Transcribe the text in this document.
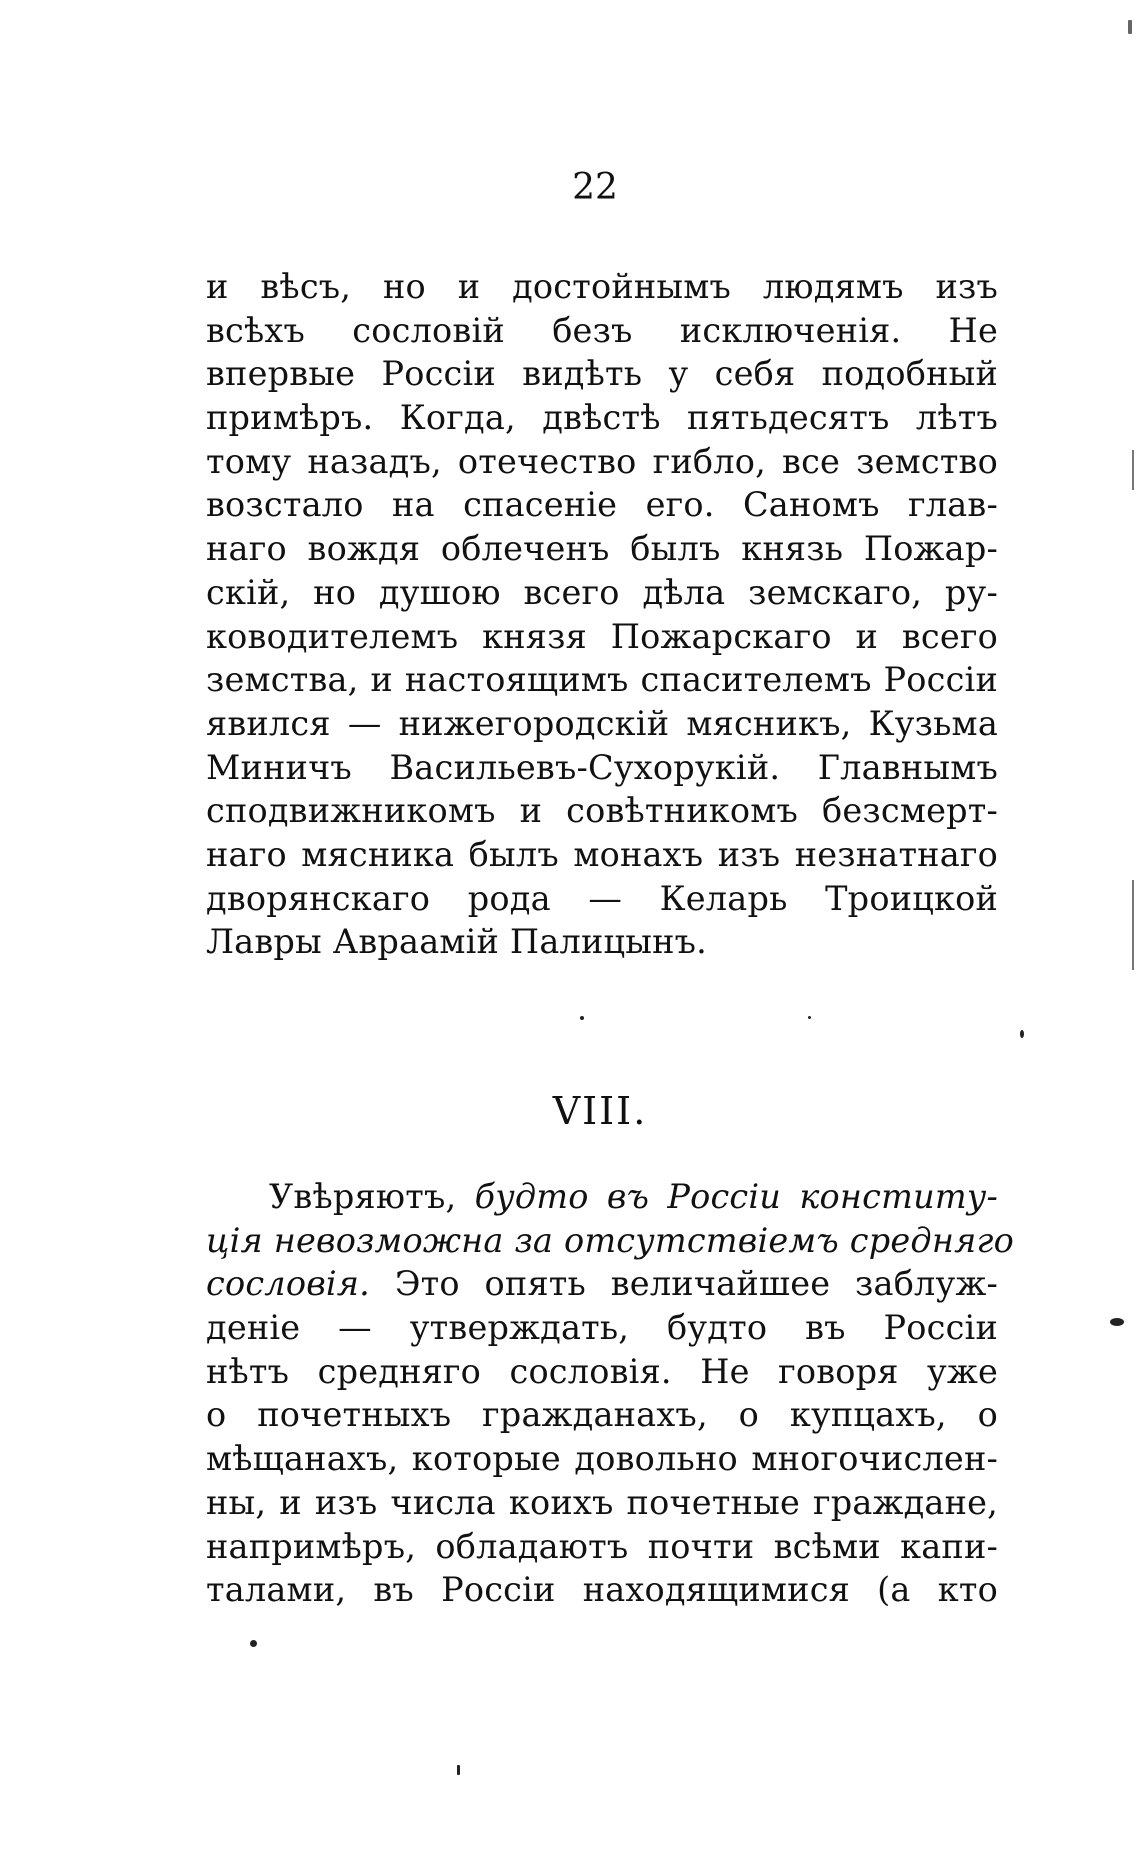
22
и вѣсъ, но и достойнымъ людямъ изъ
всѣхъ сословій безъ исключенія. Не
впервые Россіи видѣть у себя подобный
примѣръ. Когда, двѣстѣ пятьдесятъ лѣтъ
тому назадъ, отечество гибло, все земство
возстало на спасеніе его. Саномъ глав-
наго вождя облеченъ былъ князь Пожар-
скій, но душою всего дѣла земскаго, ру-
ководителемъ князя Пожарскаго и всего
земства, и настоящимъ спасителемъ Россіи
явился — нижегородскій мясникъ, Кузьма
Миничъ Васильевъ-Сухорукій. Главнымъ
сподвижникомъ и совѣтникомъ безсмерт-
наго мясника былъ монахъ изъ незнатнаго
дворянскаго рода — Келарь Троицкой
Лавры Авраамій Палицынъ.
VIII.
Увѣряютъ, будто въ Россіи конститу-
ція невозможна за отсутствіемъ средняго
сословія. Это опять величайшее заблуж-
деніе — утверждать, будто въ Россіи
нѣтъ средняго сословія. Не говоря уже
о почетныхъ гражданахъ, о купцахъ, о
мѣщанахъ, которые довольно многочислен-
ны, и изъ числа коихъ почетные граждане,
напримѣръ, обладаютъ почти всѣми капи-
талами, въ Россіи находящимися (а кто
